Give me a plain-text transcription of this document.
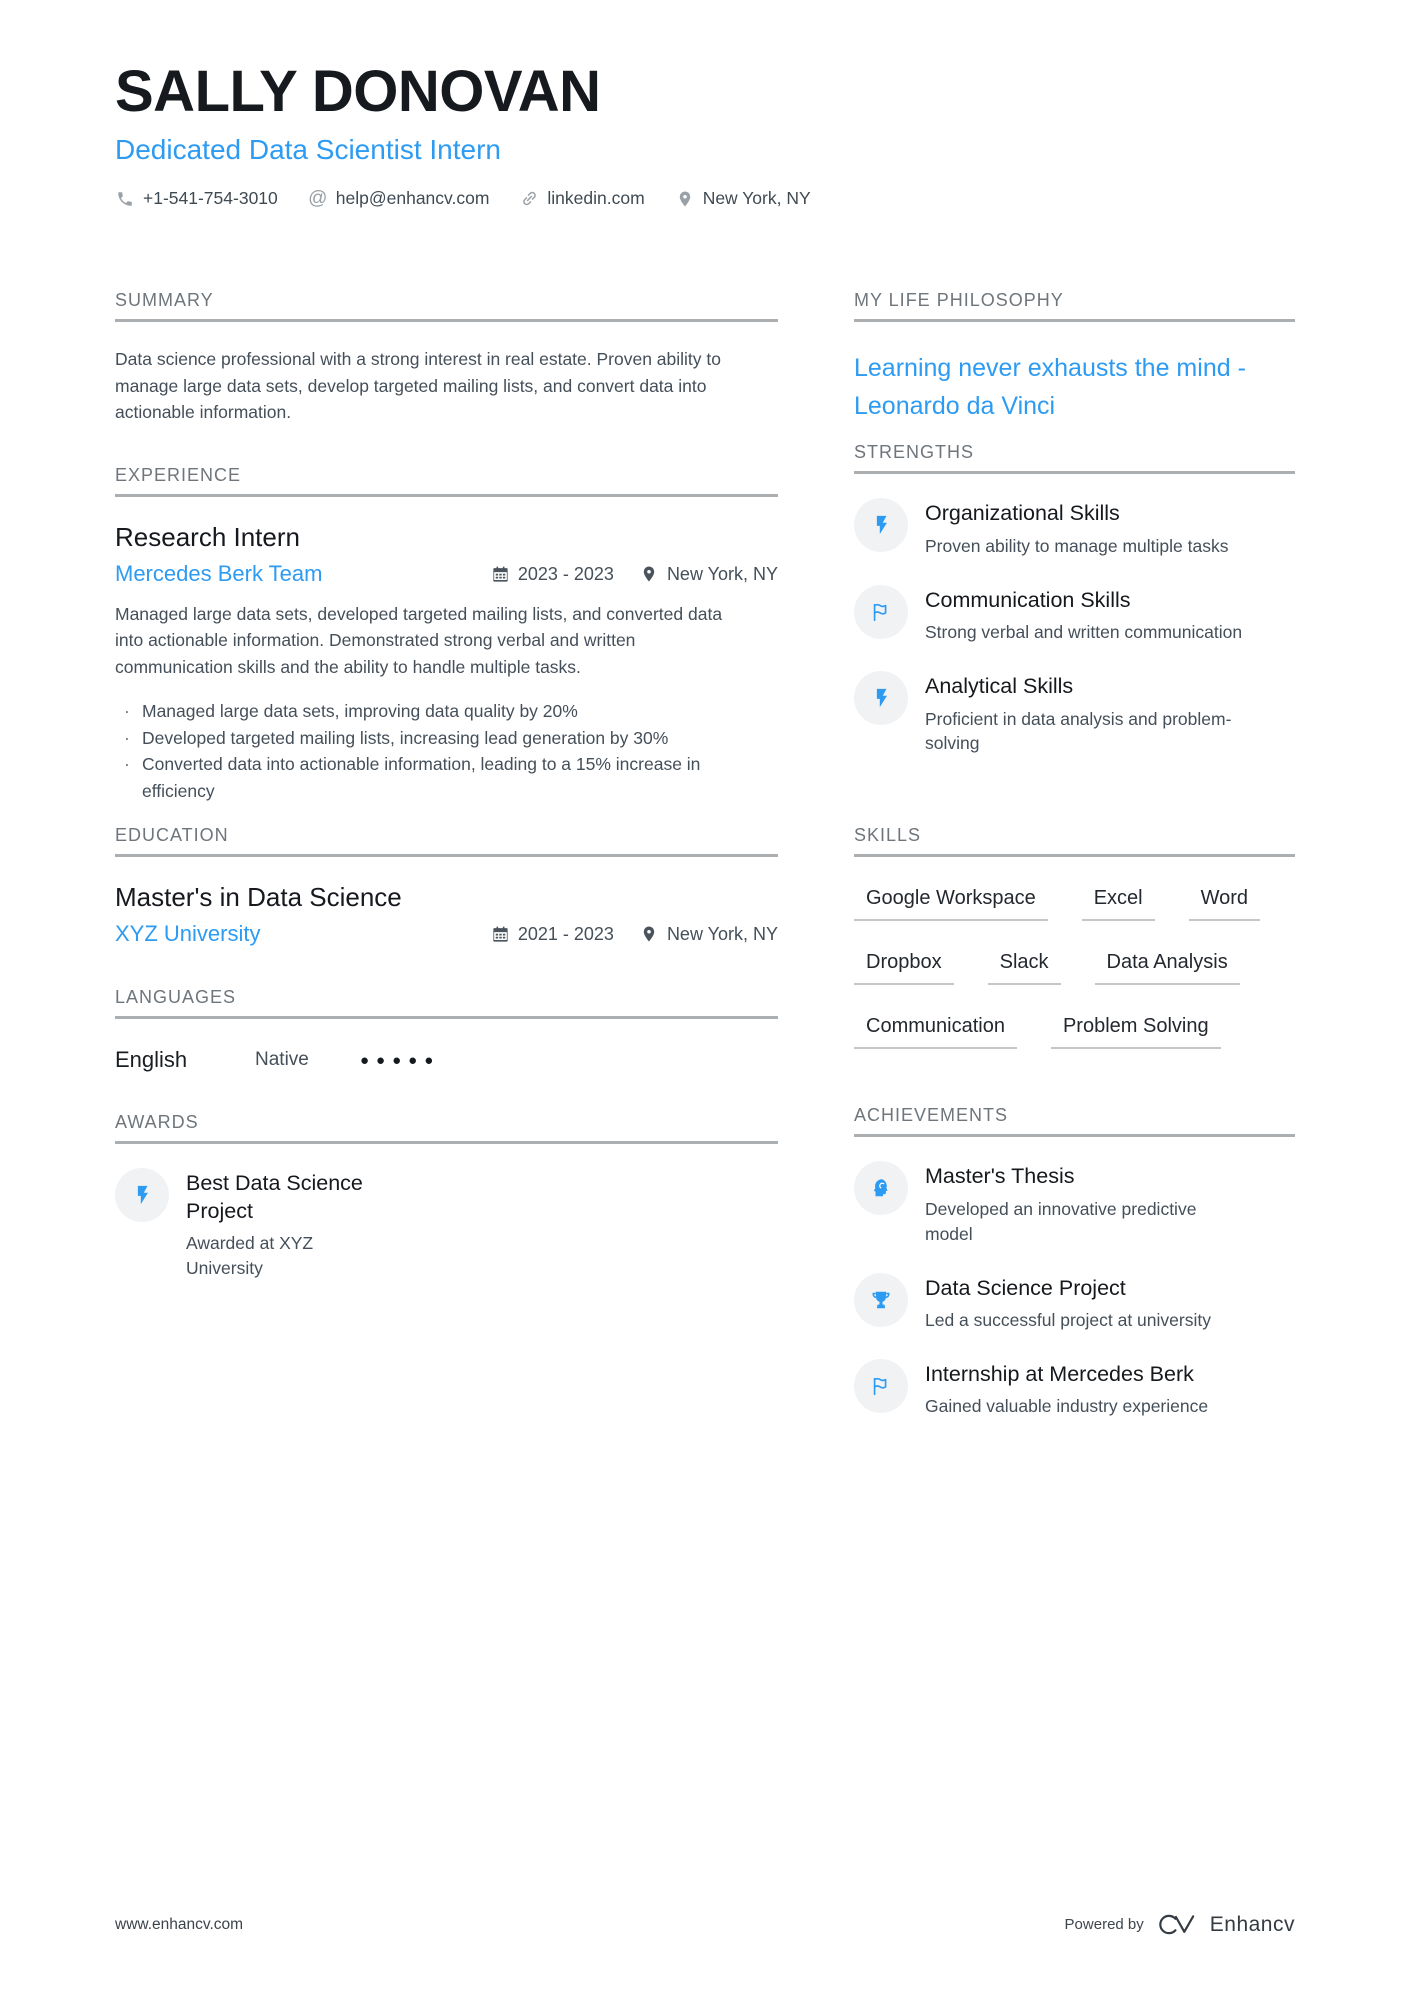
SALLY DONOVAN
Dedicated Data Scientist Intern
+1-541-754-3010 @ help@enhancv.com	linkedin.com	New York, NY
SUMMARY

Data science professional with a strong interest in real estate. Proven ability to manage large data sets, develop targeted mailing lists, and convert data into actionable information.

EXPERIENCE

Research Intern

Mercedes Berk Team	2023 - 2023	New York, NY

Managed large data sets, developed targeted mailing lists, and converted data into actionable information. Demonstrated strong verbal and written communication skills and the ability to handle multiple tasks.

· Managed large data sets, improving data quality by 20%
· Developed targeted mailing lists, increasing lead generation by 30%
· Converted data into actionable information, leading to a 15% increase in efficiency
EDUCATION

Master's in Data Science

XYZ University	2021 - 2023	New York, NY
LANGUAGES
English	Native	●●●●●
AWARDS

Best Data Science Project

Awarded at XYZ University
MY LIFE PHILOSOPHY
Learning never exhausts the mind - Leonardo da Vinci
STRENGTHS

Organizational Skills

Proven ability to manage multiple tasks

Communication Skills

Strong verbal and written communication

Analytical Skills

Proficient in data analysis and problem-solving
SKILLS
Google Workspace	Excel	Word
Dropbox	Slack	Data Analysis
Communication	Problem Solving
ACHIEVEMENTS

Master's Thesis

Developed an innovative predictive model

Data Science Project

Led a successful project at university

Internship at Mercedes Berk

Gained valuable industry experience
www.enhancv.com	Powered by	Enhancv
